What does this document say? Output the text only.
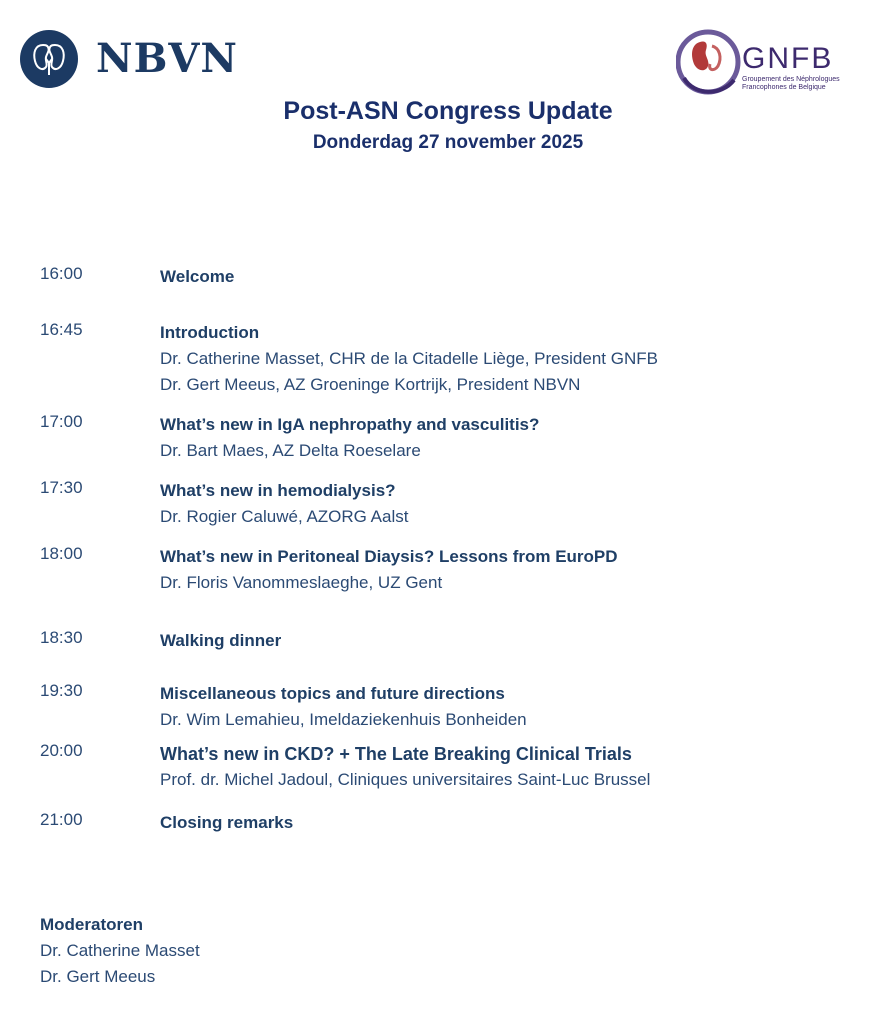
NBVN	GNFB
Groupement des Néphrologues Francophones de Belgique
Post-ASN Congress Update
Donderdag 27 november 2025
16:00	Welcome
16:45	Introduction
Dr. Catherine Masset, CHR de la Citadelle Liège, President GNFB
Dr. Gert Meeus, AZ Groeninge Kortrijk, President NBVN
17:00	What’s new in IgA nephropathy and vasculitis?
Dr. Bart Maes, AZ Delta Roeselare
17:30	What’s new in hemodialysis?
Dr. Rogier Caluwé, AZORG Aalst
18:00	What’s new in Peritoneal Diaysis? Lessons from EuroPD
Dr. Floris Vanommeslaeghe, UZ Gent
18:30	Walking dinner
19:30	Miscellaneous topics and future directions
Dr. Wim Lemahieu, Imeldaziekenhuis Bonheiden
20:00	What’s new in CKD? + The Late Breaking Clinical Trials
Prof. dr. Michel Jadoul, Cliniques universitaires Saint-Luc Brussel
21:00	Closing remarks
Moderatoren
Dr. Catherine Masset
Dr. Gert Meeus
